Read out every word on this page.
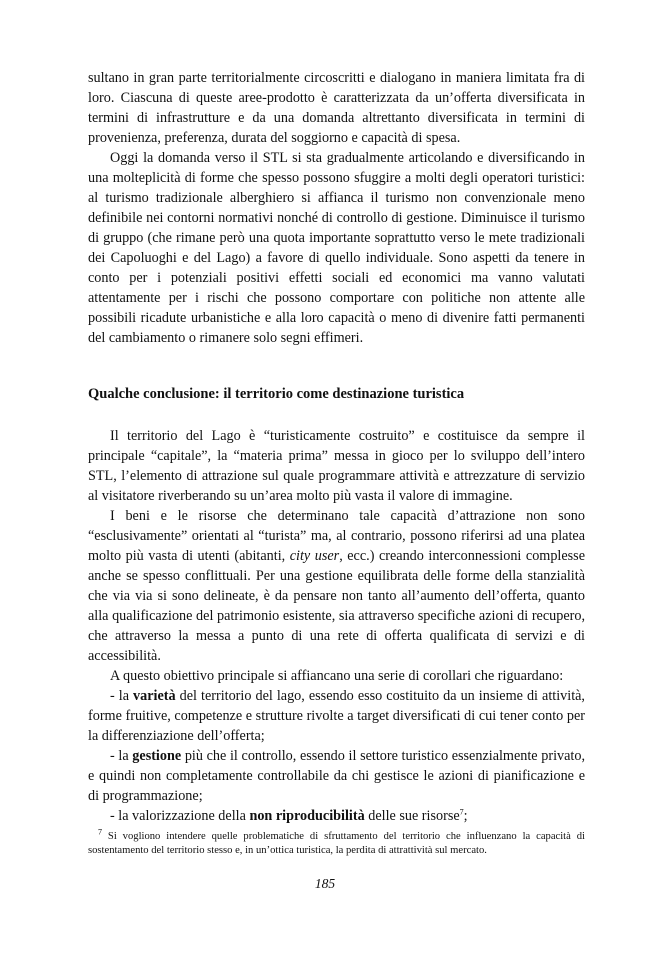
sultano in gran parte territorialmente circoscritti e dialogano in maniera limitata fra di loro. Ciascuna di queste aree-prodotto è caratterizzata da un’offerta diversificata in termini di infrastrutture e da una domanda altrettanto diversificata in termini di provenienza, preferenza, durata del soggiorno e capacità di spesa.

Oggi la domanda verso il STL si sta gradualmente articolando e diversificando in una molteplicità di forme che spesso possono sfuggire a molti degli operatori turistici: al turismo tradizionale alberghiero si affianca il turismo non convenzionale meno definibile nei contorni normativi nonché di controllo di gestione. Diminuisce il turismo di gruppo (che rimane però una quota importante soprattutto verso le mete tradizionali dei Capoluoghi e del Lago) a favore di quello individuale. Sono aspetti da tenere in conto per i potenziali positivi effetti sociali ed economici ma vanno valutati attentamente per i rischi che possono comportare con politiche non attente alle possibili ricadute urbanistiche e alla loro capacità o meno di divenire fatti permanenti del cambiamento o rimanere solo segni effimeri.

Qualche conclusione: il territorio come destinazione turistica

Il territorio del Lago è “turisticamente costruito” e costituisce da sempre il principale “capitale”, la “materia prima” messa in gioco per lo sviluppo dell’intero STL, l’elemento di attrazione sul quale programmare attività e attrezzature di servizio al visitatore riverberando su un’area molto più vasta il valore di immagine.

I beni e le risorse che determinano tale capacità d’attrazione non sono “esclusivamente” orientati al “turista” ma, al contrario, possono riferirsi ad una platea molto più vasta di utenti (abitanti, city user, ecc.) creando interconnessioni complesse anche se spesso conflittuali. Per una gestione equilibrata delle forme della stanzialità che via via si sono delineate, è da pensare non tanto all’aumento dell’offerta, quanto alla qualificazione del patrimonio esistente, sia attraverso specifiche azioni di recupero, che attraverso la messa a punto di una rete di offerta qualificata di servizi e di accessibilità.

A questo obiettivo principale si affiancano una serie di corollari che riguardano:

- la varietà del territorio del lago, essendo esso costituito da un insieme di attività, forme fruitive, competenze e strutture rivolte a target diversificati di cui tener conto per la differenziazione dell’offerta;

- la gestione più che il controllo, essendo il settore turistico essenzialmente privato, e quindi non completamente controllabile da chi gestisce le azioni di pianificazione e di programmazione;

- la valorizzazione della non riproducibilità delle sue risorse$^7$;

$^7$ Si vogliono intendere quelle problematiche di sfruttamento del territorio che influenzano la capacità di sostentamento del territorio stesso e, in un’ottica turistica, la perdita di attrattività sul mercato.

185
